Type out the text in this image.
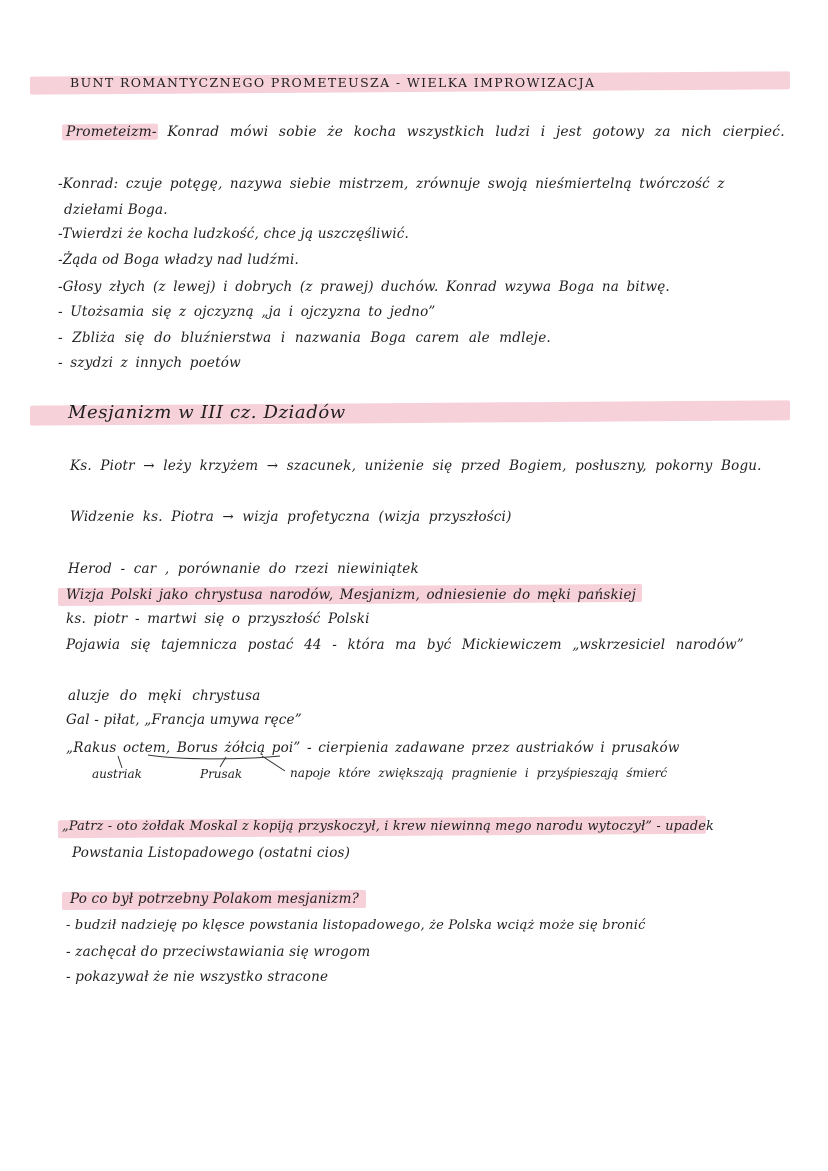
BUNT ROMANTYCZNEGO PROMETEUSZA - WIELKA IMPROWIZACJA
Prometeizm- Konrad mówi sobie że kocha wszystkich ludzi i jest gotowy za nich cierpieć.
-Konrad: czuje potęgę, nazywa siebie mistrzem, zrównuje swoją nieśmiertelną twórczość z
dziełami Boga.
-Twierdzi że kocha ludzkość, chce ją uszczęśliwić.
-Żąda od Boga władzy nad ludźmi.
-Głosy złych (z lewej) i dobrych (z prawej) duchów. Konrad wzywa Boga na bitwę.
- Utożsamia się z ojczyzną „ja i ojczyzna to jedno”
- Zbliża się do bluźnierstwa i nazwania Boga carem ale mdleje.
- szydzi z innych poetów
Mesjanizm w III cz. Dziadów
Ks. Piotr → leży krzyżem → szacunek, uniżenie się przed Bogiem, posłuszny, pokorny Bogu.
Widzenie ks. Piotra → wizja profetyczna (wizja przyszłości)
Herod - car , porównanie do rzezi niewiniątek
Wizja Polski jako chrystusa narodów, Mesjanizm, odniesienie do męki pańskiej
ks. piotr - martwi się o przyszłość Polski
Pojawia się tajemnicza postać 44 - która ma być Mickiewiczem „wskrzesiciel narodów”
aluzje do męki chrystusa
Gal - piłat, „Francja umywa ręce”
„Rakus octem, Borus żółcią poi” - cierpienia zadawane przez austriaków i prusaków
austriak	Prusak	napoje które zwiększają pragnienie i przyśpieszają śmierć
„Patrz - oto żołdak Moskal z kopiją przyskoczył, i krew niewinną mego narodu wytoczył” - upadek
Powstania Listopadowego (ostatni cios)
Po co był potrzebny Polakom mesjanizm?
- budził nadzieję po klęsce powstania listopadowego, że Polska wciąż może się bronić
- zachęcał do przeciwstawiania się wrogom
- pokazywał że nie wszystko stracone
